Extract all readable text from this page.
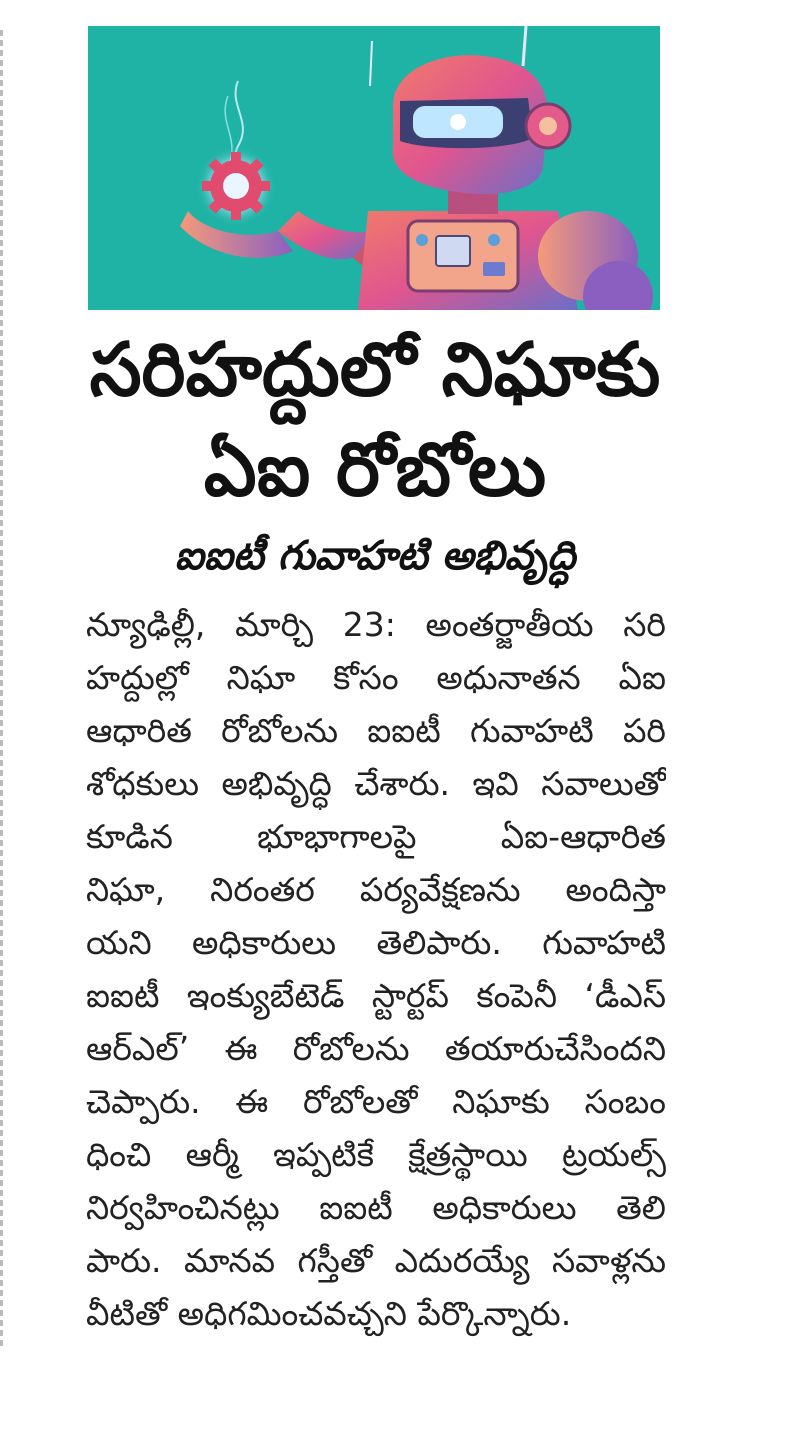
సరిహద్దులో నిఘాకు
ఏఐ రోబోలు
ఐఐటీ గువాహటి అభివృద్ధి
న్యూఢిల్లీ, మార్చి 23: అంతర్జాతీయ సరి
హద్దుల్లో నిఘా కోసం అధునాతన ఏఐ
ఆధారిత రోబోలను ఐఐటీ గువాహటి పరి
శోధకులు అభివృద్ధి చేశారు. ఇవి సవాలుతో
కూడిన భూభాగాలపై ఏఐ-ఆధారిత
నిఘా, నిరంతర పర్యవేక్షణను అందిస్తా
యని అధికారులు తెలిపారు. గువాహటి
ఐఐటీ ఇంక్యుబేటెడ్ స్టార్టప్ కంపెనీ ‘డీఎస్
ఆర్ఎల్’ ఈ రోబోలను తయారుచేసిందని
చెప్పారు. ఈ రోబోలతో నిఘాకు సంబం
ధించి ఆర్మీ ఇప్పటికే క్షేత్రస్థాయి ట్రయల్స్
నిర్వహించినట్లు ఐఐటీ అధికారులు తెలి
పారు. మానవ గస్తీతో ఎదురయ్యే సవాళ్లను
వీటితో అధిగమించవచ్చని పేర్కొన్నారు.
